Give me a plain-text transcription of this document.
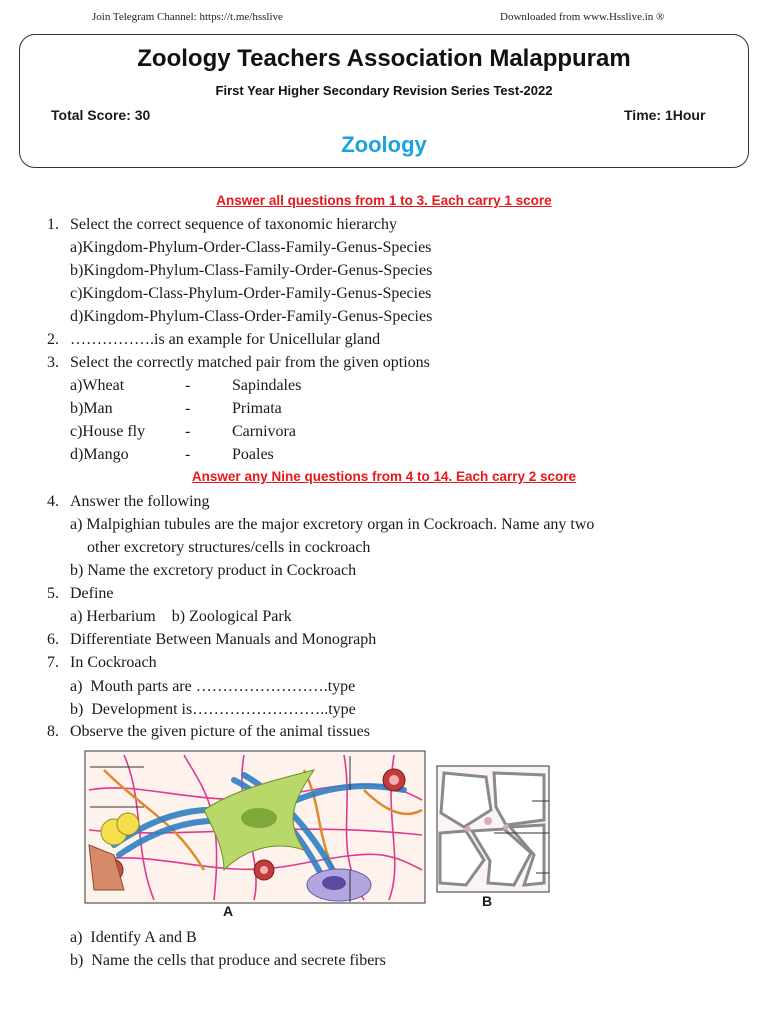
Join Telegram Channel: https://t.me/hsslive	Downloaded from www.Hsslive.in ®
Zoology Teachers Association Malappuram
First Year Higher Secondary Revision Series Test-2022
Total Score: 30	Time: 1Hour
Zoology
Answer all questions from 1 to 3. Each carry 1 score
1. Select the correct sequence of taxonomic hierarchy
a)Kingdom-Phylum-Order-Class-Family-Genus-Species
b)Kingdom-Phylum-Class-Family-Order-Genus-Species
c)Kingdom-Class-Phylum-Order-Family-Genus-Species
d)Kingdom-Phylum-Class-Order-Family-Genus-Species
2. …………….is an example for Unicellular gland
3. Select the correctly matched pair from the given options
a)Wheat	-	Sapindales
b)Man	-	Primata
c)House fly -	Carnivora
d)Mango	-	Poales
Answer any Nine questions from 4 to 14. Each carry 2 score
4. Answer the following
a) Malpighian tubules are the major excretory organ in Cockroach. Name any two
other excretory structures/cells in cockroach
b) Name the excretory product in Cockroach
5. Define
a) Herbarium    b) Zoological Park
6. Differentiate Between Manuals and Monograph
7. In Cockroach
a)  Mouth parts are …………………….type
b)  Development is……………………..type
8. Observe the given picture of the animal tissues
A
B
a)  Identify A and B
b)  Name the cells that produce and secrete fibers
